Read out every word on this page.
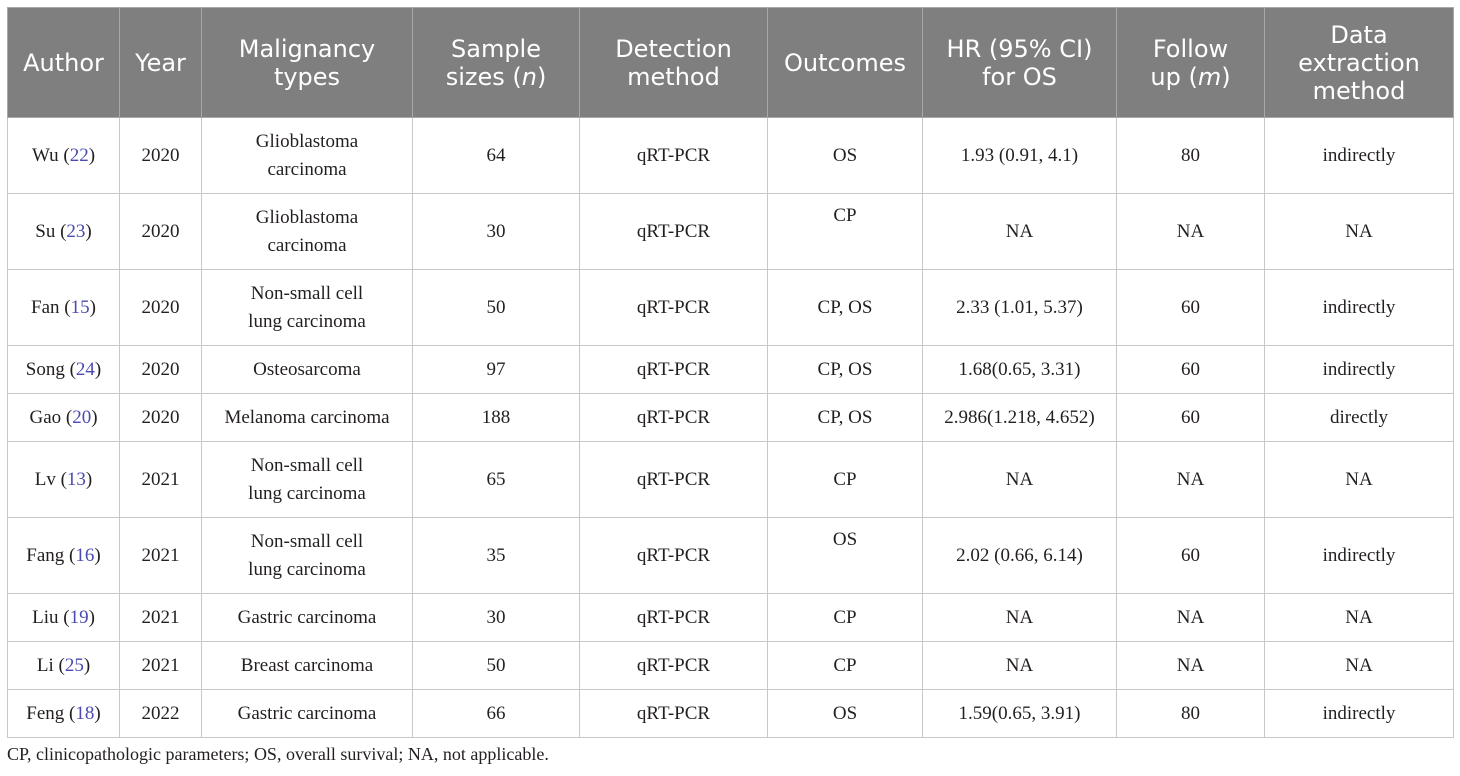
Author	Year	Malignancy
types	Sample
sizes (n)	Detection
method	Outcomes	HR (95% CI)
for OS	Follow
up (m)	Data
extraction
method
Wu (22)	2020	Glioblastoma
carcinoma	64	qRT-PCR	OS	1.93 (0.91, 4.1)	80	indirectly
Su (23)	2020	Glioblastoma
carcinoma	30	qRT-PCR	CP	NA	NA	NA
Fan (15)	2020	Non-small cell
lung carcinoma	50	qRT-PCR	CP, OS	2.33 (1.01, 5.37)	60	indirectly
Song (24)	2020	Osteosarcoma	97	qRT-PCR	CP, OS	1.68(0.65, 3.31)	60	indirectly
Gao (20)	2020	Melanoma carcinoma	188	qRT-PCR	CP, OS	2.986(1.218, 4.652)	60	directly
Lv (13)	2021	Non-small cell
lung carcinoma	65	qRT-PCR	CP	NA	NA	NA
Fang (16)	2021	Non-small cell
lung carcinoma	35	qRT-PCR	OS	2.02 (0.66, 6.14)	60	indirectly
Liu (19)	2021	Gastric carcinoma	30	qRT-PCR	CP	NA	NA	NA
Li (25)	2021	Breast carcinoma	50	qRT-PCR	CP	NA	NA	NA
Feng (18)	2022	Gastric carcinoma	66	qRT-PCR	OS	1.59(0.65, 3.91)	80	indirectly
CP, clinicopathologic parameters; OS, overall survival; NA, not applicable.
